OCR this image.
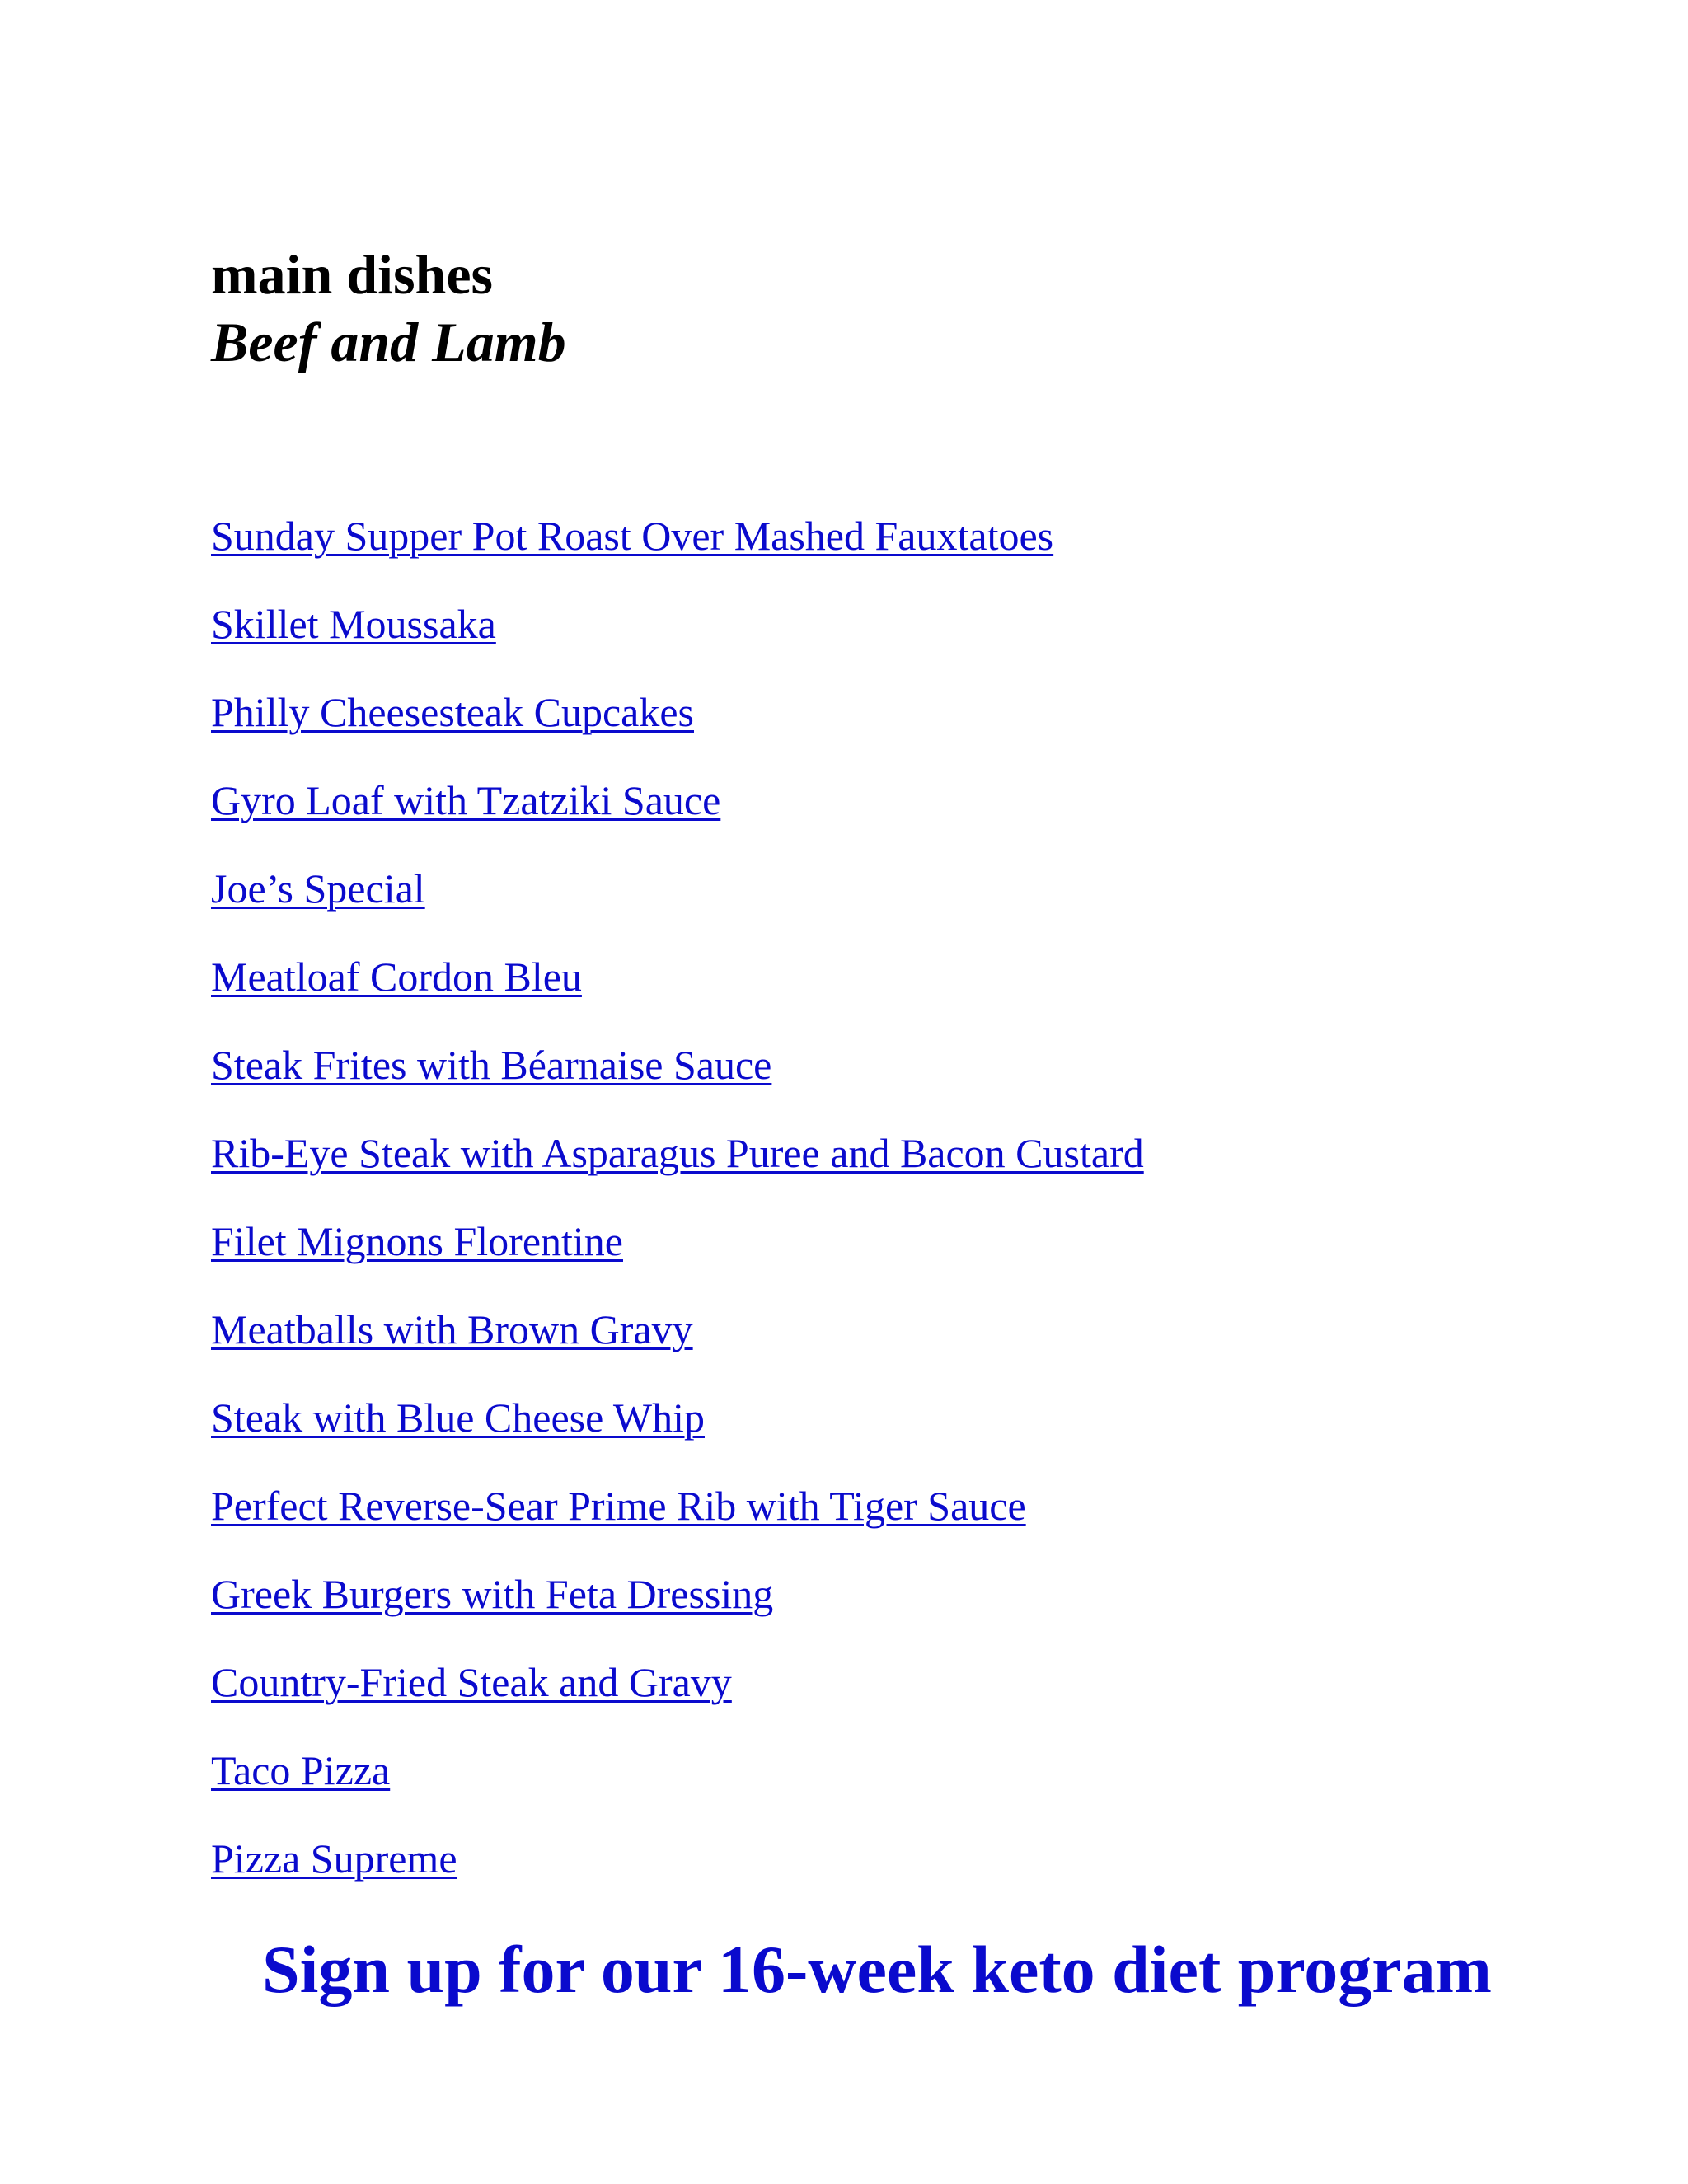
main dishes
Beef and Lamb
Sunday Supper Pot Roast Over Mashed Fauxtatoes
Skillet Moussaka
Philly Cheesesteak Cupcakes
Gyro Loaf with Tzatziki Sauce
Joe’s Special
Meatloaf Cordon Bleu
Steak Frites with Béarnaise Sauce
Rib-Eye Steak with Asparagus Puree and Bacon Custard
Filet Mignons Florentine
Meatballs with Brown Gravy
Steak with Blue Cheese Whip
Perfect Reverse-Sear Prime Rib with Tiger Sauce
Greek Burgers with Feta Dressing
Country-Fried Steak and Gravy
Taco Pizza
Pizza Supreme
Sign up for our 16-week keto diet program
